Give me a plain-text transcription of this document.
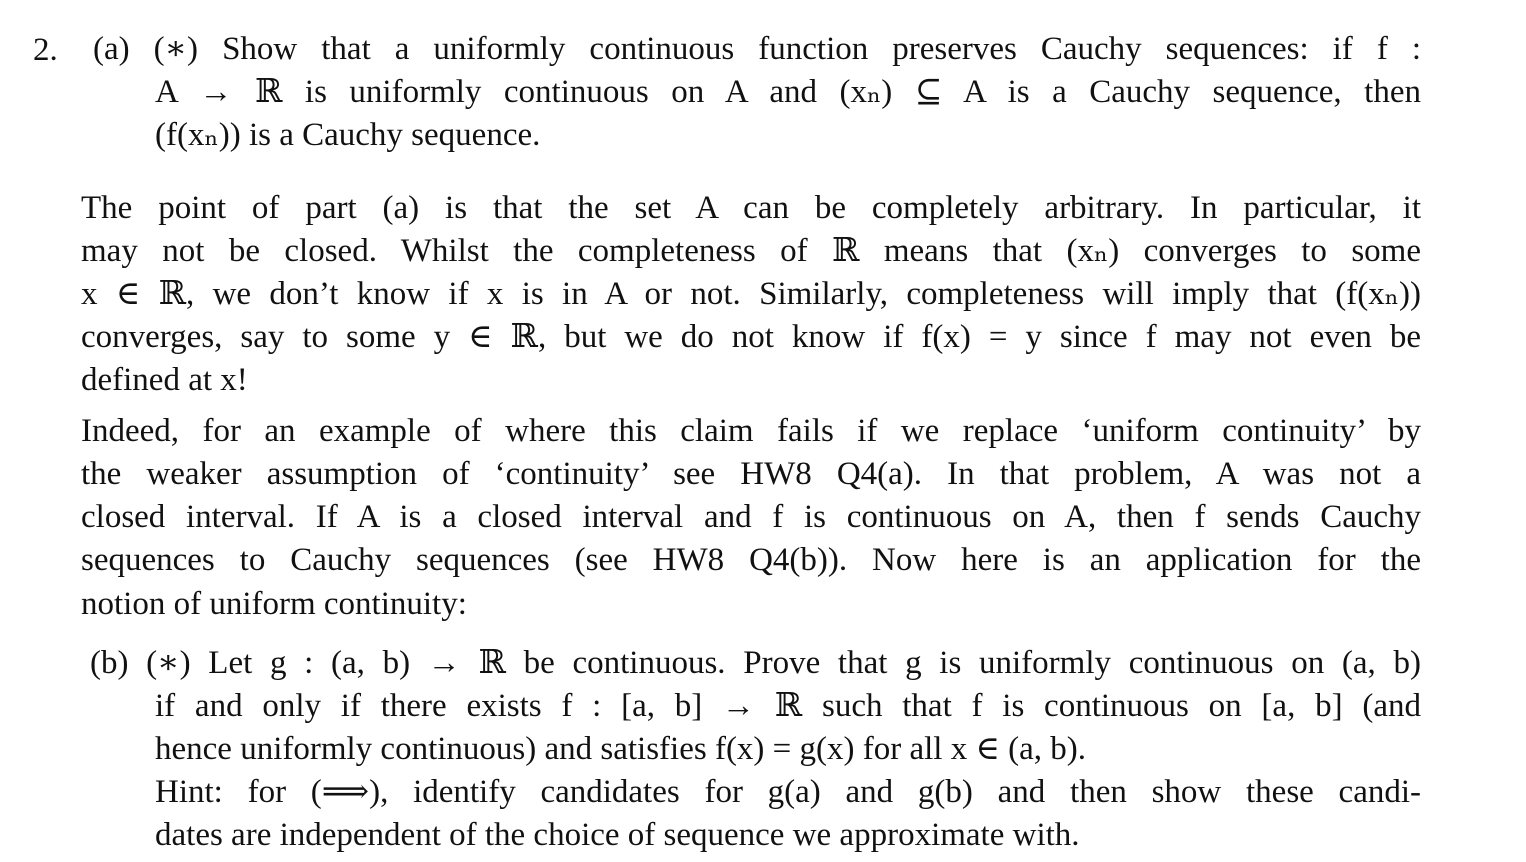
2. (a) (∗) Show that a uniformly continuous function preserves Cauchy sequences: if f :
A → ℝ is uniformly continuous on A and (xₙ) ⊆ A is a Cauchy sequence, then
(f(xₙ)) is a Cauchy sequence.
The point of part (a) is that the set A can be completely arbitrary. In particular, it
may not be closed. Whilst the completeness of ℝ means that (xₙ) converges to some
x ∈ ℝ, we don’t know if x is in A or not. Similarly, completeness will imply that (f(xₙ))
converges, say to some y ∈ ℝ, but we do not know if f(x) = y since f may not even be
defined at x!
Indeed, for an example of where this claim fails if we replace ‘uniform continuity’ by
the weaker assumption of ‘continuity’ see HW8 Q4(a). In that problem, A was not a
closed interval. If A is a closed interval and f is continuous on A, then f sends Cauchy
sequences to Cauchy sequences (see HW8 Q4(b)). Now here is an application for the
notion of uniform continuity:
(b) (∗) Let g : (a, b) → ℝ be continuous. Prove that g is uniformly continuous on (a, b)
if and only if there exists f : [a, b] → ℝ such that f is continuous on [a, b] (and
hence uniformly continuous) and satisfies f(x) = g(x) for all x ∈ (a, b).
Hint: for (⟹), identify candidates for g(a) and g(b) and then show these candi-
dates are independent of the choice of sequence we approximate with.
